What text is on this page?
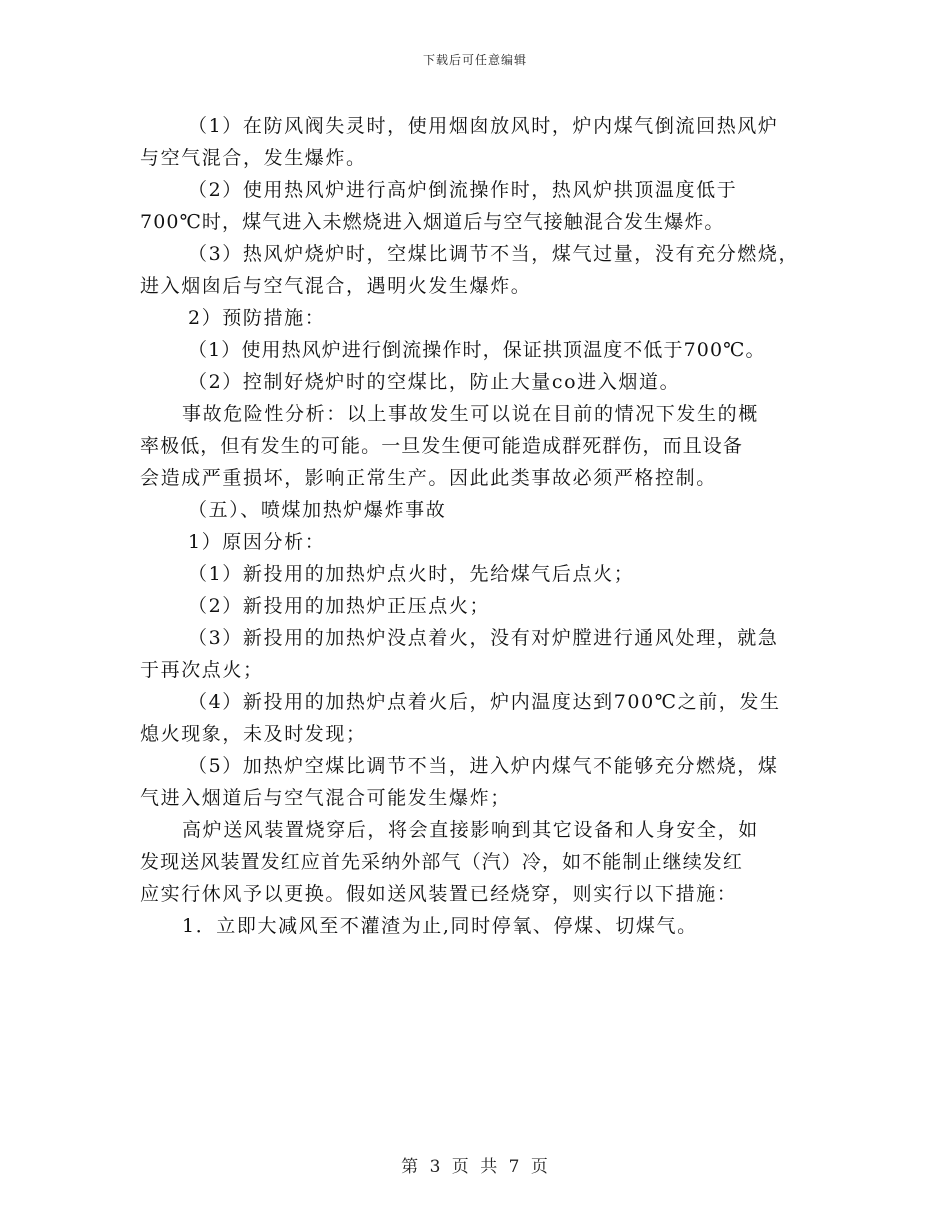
下载后可任意编辑
（1）在防风阀失灵时，使用烟囱放风时，炉内煤气倒流回热风炉
与空气混合，发生爆炸。
（2）使用热风炉进行高炉倒流操作时，热风炉拱顶温度低于
700℃时，煤气进入未燃烧进入烟道后与空气接触混合发生爆炸。
（3）热风炉烧炉时，空煤比调节不当，煤气过量，没有充分燃烧，
进入烟囱后与空气混合，遇明火发生爆炸。
2）预防措施：
（1）使用热风炉进行倒流操作时，保证拱顶温度不低于700℃。
（2）控制好烧炉时的空煤比，防止大量co进入烟道。
事故危险性分析：以上事故发生可以说在目前的情况下发生的概
率极低，但有发生的可能。一旦发生便可能造成群死群伤，而且设备
会造成严重损坏，影响正常生产。因此此类事故必须严格控制。
（五）、喷煤加热炉爆炸事故
1）原因分析：
（1）新投用的加热炉点火时，先给煤气后点火；
（2）新投用的加热炉正压点火；
（3）新投用的加热炉没点着火，没有对炉膛进行通风处理，就急
于再次点火；
（4）新投用的加热炉点着火后，炉内温度达到700℃之前，发生
熄火现象，未及时发现；
（5）加热炉空煤比调节不当，进入炉内煤气不能够充分燃烧，煤
气进入烟道后与空气混合可能发生爆炸；
高炉送风装置烧穿后，将会直接影响到其它设备和人身安全，如
发现送风装置发红应首先采纳外部气（汽）冷，如不能制止继续发红
应实行休风予以更换。假如送风装置已经烧穿，则实行以下措施：
1．立即大减风至不灌渣为止,同时停氧、停煤、切煤气。
第 3 页 共 7 页
